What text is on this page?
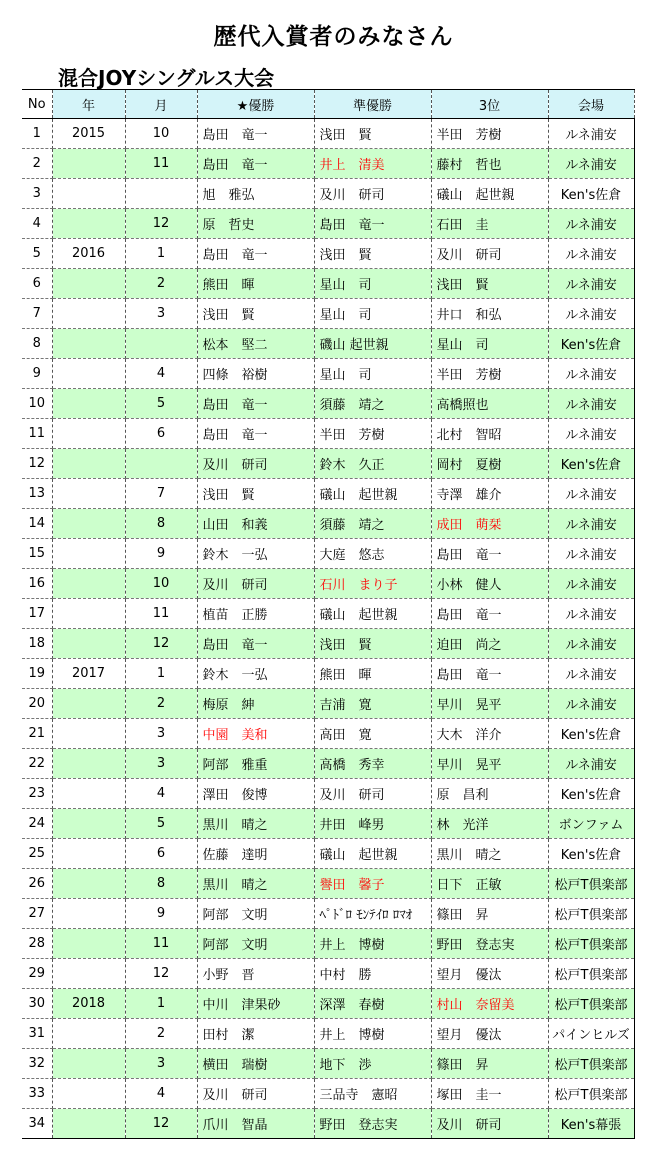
歴代入賞者のみなさん
混合JOYシングルス大会
No	年	月	★優勝	準優勝	3位	会場
1	2015	10	島田　竜一	浅田　賢	半田　芳樹	ルネ浦安
2		11	島田　竜一	井上　清美	藤村　哲也	ルネ浦安
3			旭　雅弘	及川　研司	礒山　起世親	Ken's佐倉
4		12	原　哲史	島田　竜一	石田　圭	ルネ浦安
5	2016	1	島田　竜一	浅田　賢	及川　研司	ルネ浦安
6		2	熊田　暉	星山　司	浅田　賢	ルネ浦安
7		3	浅田　賢	星山　司	井口　和弘	ルネ浦安
8			松本　堅二	磯山 起世親	星山　司	Ken's佐倉
9		4	四條　裕樹	星山　司	半田　芳樹	ルネ浦安
10		5	島田　竜一	須藤　靖之	高橋照也	ルネ浦安
11		6	島田　竜一	半田　芳樹	北村　智昭	ルネ浦安
12			及川　研司	鈴木　久正	岡村　夏樹	Ken's佐倉
13		7	浅田　賢	礒山　起世親	寺澤　雄介	ルネ浦安
14		8	山田　和義	須藤　靖之	成田　萌栞	ルネ浦安
15		9	鈴木　一弘	大庭　悠志	島田　竜一	ルネ浦安
16		10	及川　研司	石川　まり子	小林　健人	ルネ浦安
17		11	植苗　正勝	礒山　起世親	島田　竜一	ルネ浦安
18		12	島田　竜一	浅田　賢	迫田　尚之	ルネ浦安
19	2017	1	鈴木　一弘	熊田　暉	島田　竜一	ルネ浦安
20		2	梅原　紳	吉浦　寛	早川　晃平	ルネ浦安
21		3	中園　美和	高田　寛	大木　洋介	Ken's佐倉
22		3	阿部　雅重	高橋　秀幸	早川　晃平	ルネ浦安
23		4	澤田　俊博	及川　研司	原　昌利	Ken's佐倉
24		5	黒川　晴之	井田　峰男	林　光洋	ボンファム
25		6	佐藤　達明	礒山　起世親	黒川　晴之	Ken's佐倉
26		8	黒川　晴之	譽田　馨子	日下　正敏	松戸T倶楽部
27		9	阿部　文明	ﾍﾟﾄﾞﾛ ﾓﾝﾃｲﾛ ﾛﾏｵ	篠田　昇	松戸T倶楽部
28		11	阿部　文明	井上　博樹	野田　登志実	松戸T倶楽部
29		12	小野　晋	中村　勝	望月　優汰	松戸T倶楽部
30	2018	1	中川　津果砂	深澤　春樹	村山　奈留美	松戸T倶楽部
31		2	田村　潔	井上　博樹	望月　優汰	パインヒルズ
32		3	横田　瑞樹	地下　渉	篠田　昇	松戸T倶楽部
33		4	及川　研司	三品寺　憲昭	塚田　圭一	松戸T倶楽部
34		12	爪川　智晶	野田　登志実	及川　研司	Ken's幕張
